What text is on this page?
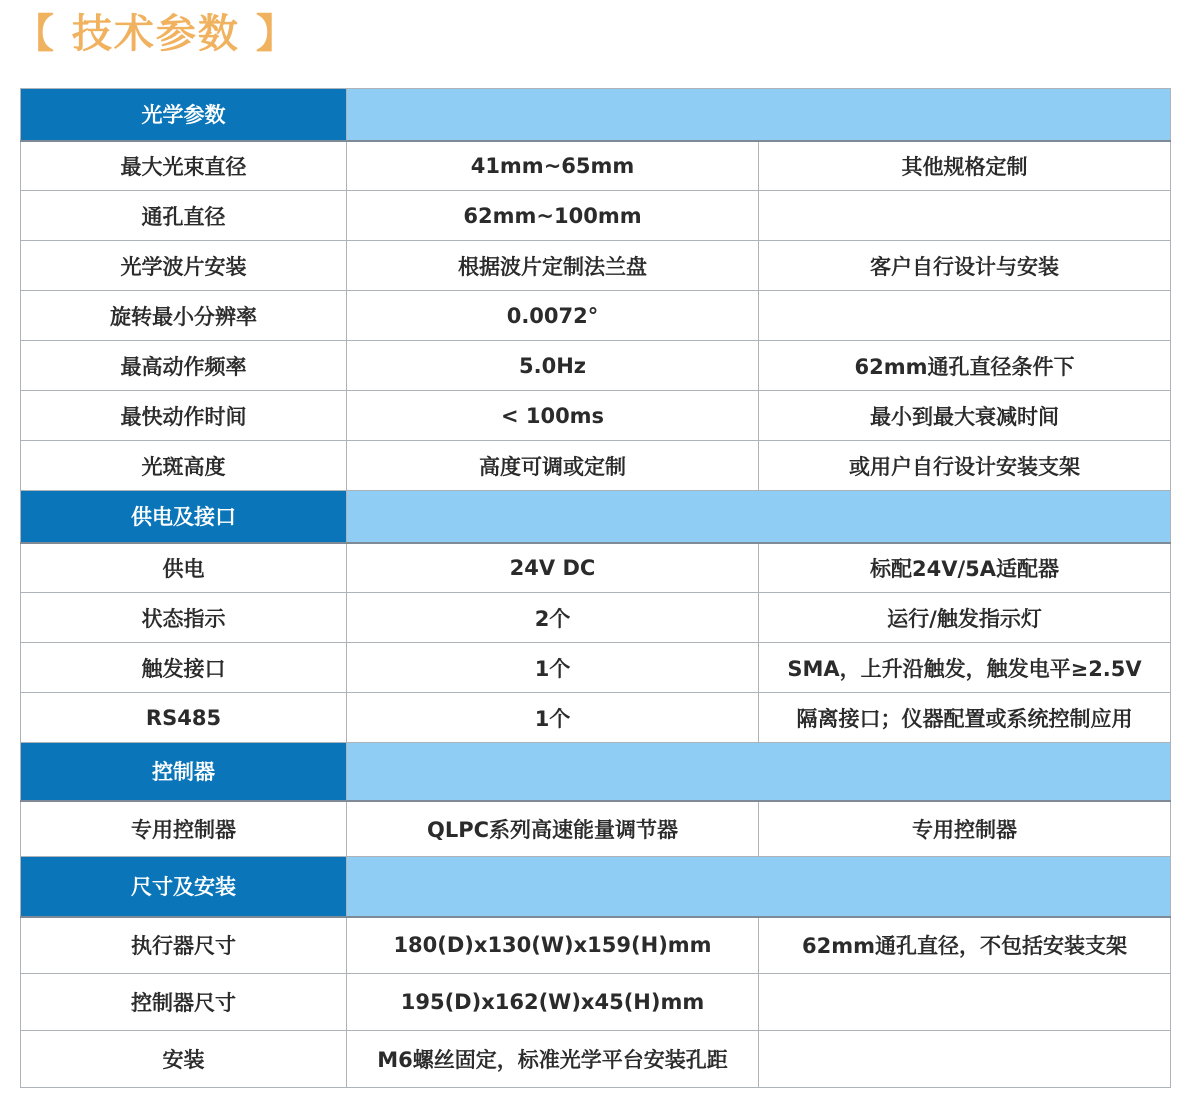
【 技术参数 】
光学参数		
最大光束直径	41mm~65mm	其他规格定制
通孔直径	62mm~100mm	
光学波片安装	根据波片定制法兰盘	客户自行设计与安装
旋转最小分辨率	0.0072°	
最高动作频率	5.0Hz	62mm通孔直径条件下
最快动作时间	< 100ms	最小到最大衰减时间
光斑高度	高度可调或定制	或用户自行设计安装支架
供电及接口		
供电	24V DC	标配24V/5A适配器
状态指示	2个	运行/触发指示灯
触发接口	1个	SMA，上升沿触发，触发电平≥2.5V
RS485	1个	隔离接口；仪器配置或系统控制应用
控制器		
专用控制器	QLPC系列高速能量调节器	专用控制器
尺寸及安装		
执行器尺寸	180(D)x130(W)x159(H)mm	62mm通孔直径，不包括安装支架
控制器尺寸	195(D)x162(W)x45(H)mm	
安装	M6螺丝固定，标准光学平台安装孔距	
